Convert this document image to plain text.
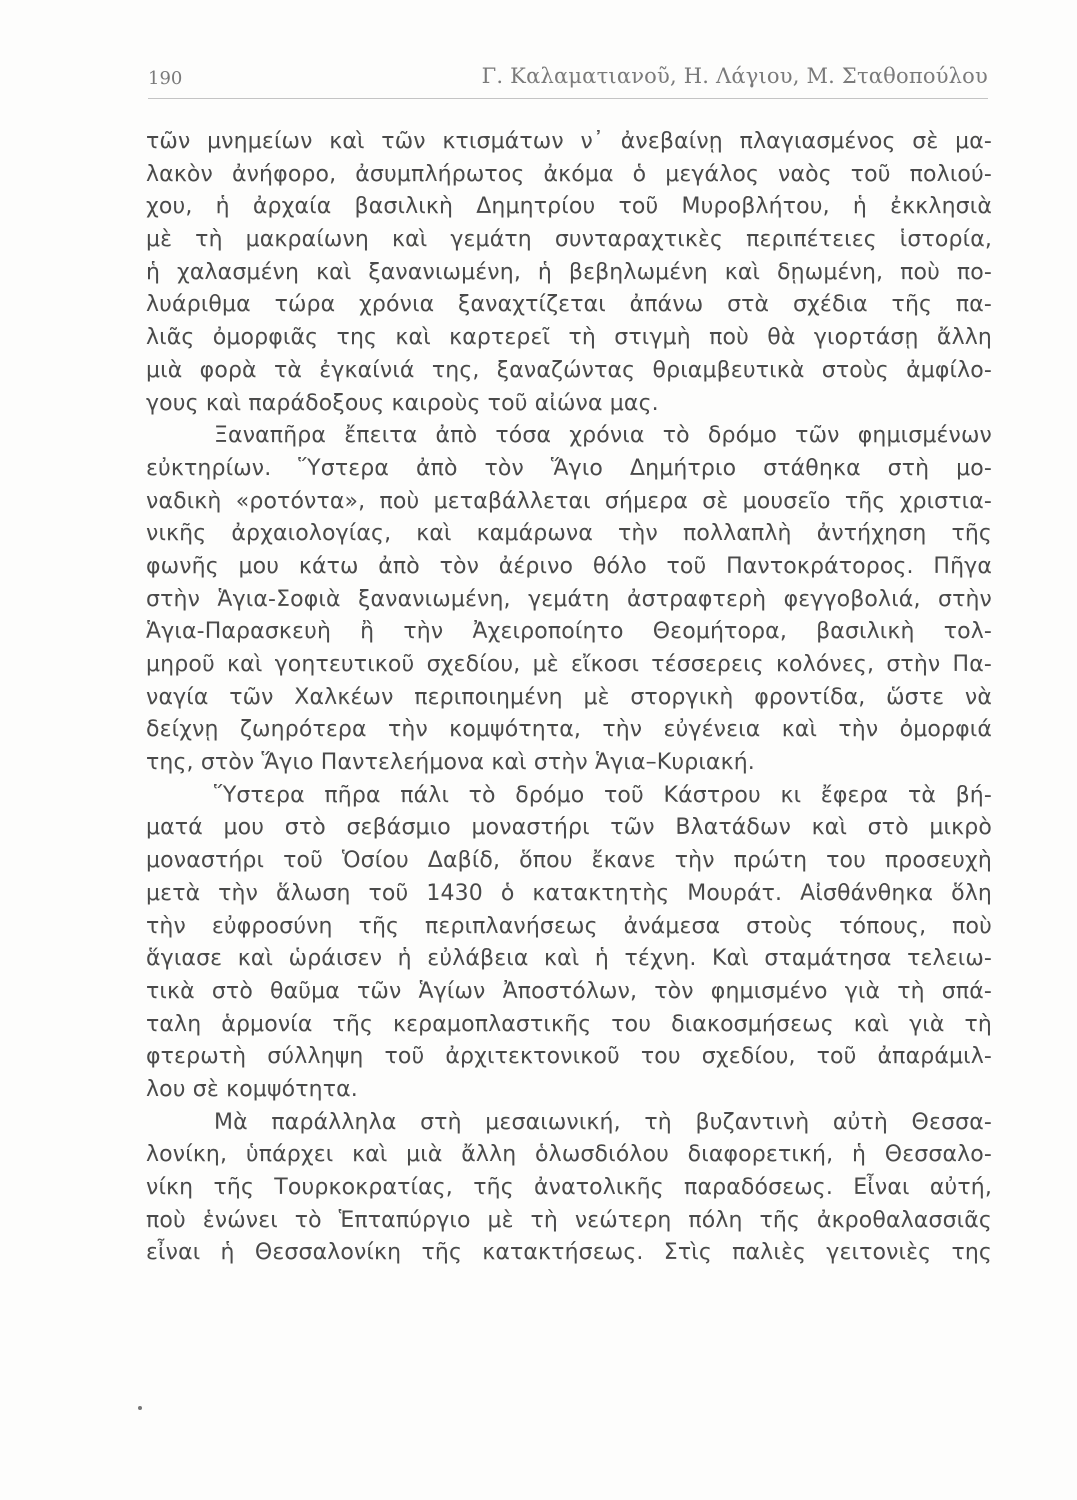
190	Γ. Καλαματιανοῦ, Η. Λάγιου, Μ. Σταθοπούλου
τῶν μνημείων καὶ τῶν κτισμάτων ν᾽ ἀνεβαίνῃ πλαγιασμένος σὲ μα-
λακὸν ἀνήφορο, ἀσυμπλήρωτος ἀκόμα ὁ μεγάλος ναὸς τοῦ πολιού-
χου, ἡ ἀρχαία βασιλικὴ Δημητρίου τοῦ Μυροβλήτου, ἡ ἐκκλησιὰ
μὲ τὴ μακραίωνη καὶ γεμάτη συνταραχτικὲς περιπέτειες ἱστορία,
ἡ χαλασμένη καὶ ξανανιωμένη, ἡ βεβηλωμένη καὶ δῃωμένη, ποὺ πο-
λυάριθμα τώρα χρόνια ξαναχτίζεται ἀπάνω στὰ σχέδια τῆς πα-
λιᾶς ὀμορφιᾶς της καὶ καρτερεῖ τὴ στιγμὴ ποὺ θὰ γιορτάσῃ ἄλλη
μιὰ φορὰ τὰ ἐγκαίνιά της, ξαναζώντας θριαμβευτικὰ στοὺς ἀμφίλο-
γους καὶ παράδοξους καιροὺς τοῦ αἰώνα μας.
Ξαναπῆρα ἔπειτα ἀπὸ τόσα χρόνια τὸ δρόμο τῶν φημισμένων
εὐκτηρίων. Ὕστερα ἀπὸ τὸν Ἅγιο Δημήτριο στάθηκα στὴ μο-
ναδικὴ «ροτόντα», ποὺ μεταβάλλεται σήμερα σὲ μουσεῖο τῆς χριστια-
νικῆς ἀρχαιολογίας, καὶ καμάρωνα τὴν πολλαπλὴ ἀντήχηση τῆς
φωνῆς μου κάτω ἀπὸ τὸν ἀέρινο θόλο τοῦ Παντοκράτορος. Πῆγα
στὴν Ἁγια-Σοφιὰ ξανανιωμένη, γεμάτη ἀστραφτερὴ φεγγοβολιά, στὴν
Ἁγια-Παρασκευὴ ἢ τὴν Ἀχειροποίητο Θεομήτορα, βασιλικὴ τολ-
μηροῦ καὶ γοητευτικοῦ σχεδίου, μὲ εἴκοσι τέσσερεις κολόνες, στὴν Πα-
ναγία τῶν Χαλκέων περιποιημένη μὲ στοργικὴ φροντίδα, ὥστε νὰ
δείχνῃ ζωηρότερα τὴν κομψότητα, τὴν εὐγένεια καὶ τὴν ὀμορφιά
της, στὸν Ἅγιο Παντελεήμονα καὶ στὴν Ἁγια–Κυριακή.
Ὕστερα πῆρα πάλι τὸ δρόμο τοῦ Κάστρου κι ἔφερα τὰ βή-
ματά μου στὸ σεβάσμιο μοναστήρι τῶν Βλατάδων καὶ στὸ μικρὸ
μοναστήρι τοῦ Ὁσίου Δαβίδ, ὅπου ἔκανε τὴν πρώτη του προσευχὴ
μετὰ τὴν ἅλωση τοῦ 1430 ὁ κατακτητὴς Μουράτ. Αἰσθάνθηκα ὅλη
τὴν εὐφροσύνη τῆς περιπλανήσεως ἀνάμεσα στοὺς τόπους, ποὺ
ἅγιασε καὶ ὡράισεν ἡ εὐλάβεια καὶ ἡ τέχνη. Καὶ σταμάτησα τελειω-
τικὰ στὸ θαῦμα τῶν Ἁγίων Ἀποστόλων, τὸν φημισμένο γιὰ τὴ σπά-
ταλη ἁρμονία τῆς κεραμοπλαστικῆς του διακοσμήσεως καὶ γιὰ τὴ
φτερωτὴ σύλληψη τοῦ ἀρχιτεκτονικοῦ του σχεδίου, τοῦ ἀπαράμιλ-
λου σὲ κομψότητα.
Μὰ παράλληλα στὴ μεσαιωνική, τὴ βυζαντινὴ αὐτὴ Θεσσα-
λονίκη, ὑπάρχει καὶ μιὰ ἄλλη ὁλωσδιόλου διαφορετική, ἡ Θεσσαλο-
νίκη τῆς Τουρκοκρατίας, τῆς ἀνατολικῆς παραδόσεως. Εἶναι αὐτή,
ποὺ ἑνώνει τὸ Ἑπταπύργιο μὲ τὴ νεώτερη πόλη τῆς ἀκροθαλασσιᾶς
εἶναι ἡ Θεσσαλονίκη τῆς κατακτήσεως. Στὶς παλιὲς γειτονιὲς της
